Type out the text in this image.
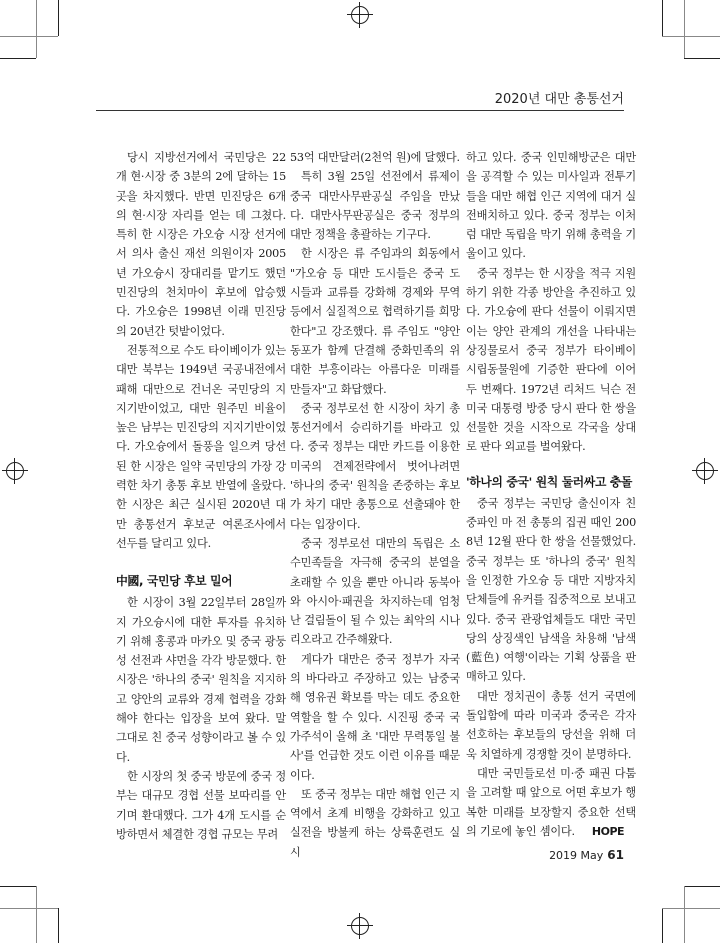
2020년 대만 총통선거

당시 지방선거에서 국민당은 22개 현·시장 중 3분의 2에 달하는 15곳을 차지했다. 반면 민진당은 6개의 현·시장 자리를 얻는 데 그쳤다. 특히 한 시장은 가오슝 시장 선거에서 의사 출신 재선 의원이자 2005년 가오슝시 장대리를 맡기도 했던 민진당의 천치마이 후보에 압승했다. 가오슝은 1998년 이래 민진당의 20년간 텃밭이었다.

전통적으로 수도 타이베이가 있는 대만 북부는 1949년 국공내전에서 패해 대만으로 건너온 국민당의 지지기반이었고, 대만 원주민 비율이 높은 남부는 민진당의 지지기반이었다. 가오슝에서 돌풍을 일으켜 당선된 한 시장은 일약 국민당의 가장 강력한 차기 총통 후보 반열에 올랐다. 한 시장은 최근 실시된 2020년 대만 총통선거 후보군 여론조사에서 선두를 달리고 있다.

中國, 국민당 후보 밀어

한 시장이 3월 22일부터 28일까지 가오슝시에 대한 투자를 유치하기 위해 홍콩과 마카오 및 중국 광둥성 선전과 샤먼을 각각 방문했다. 한 시장은 '하나의 중국' 원칙을 지지하고 양안의 교류와 경제 협력을 강화해야 한다는 입장을 보여 왔다. 말 그대로 친 중국 성향이라고 볼 수 있다.

한 시장의 첫 중국 방문에 중국 정부는 대규모 경협 선물 보따리를 안기며 환대했다. 그가 4개 도시를 순방하면서 체결한 경협 규모는 무려

53억 대만달러(2천억 원)에 달했다.

특히 3월 25일 선전에서 류제이 중국 대만사무판공실 주임을 만났다. 대만사무판공실은 중국 정부의 대만 정책을 총괄하는 기구다.

한 시장은 류 주임과의 회동에서 "가오슝 등 대만 도시들은 중국 도시들과 교류를 강화해 경제와 무역 등에서 실질적으로 협력하기를 희망한다"고 강조했다. 류 주임도 "양안 동포가 함께 단결해 중화민족의 위대한 부흥이라는 아름다운 미래를 만들자"고 화답했다.

중국 정부로선 한 시장이 차기 총통선거에서 승리하기를 바라고 있다. 중국 정부는 대만 카드를 이용한 미국의 견제전략에서 벗어나려면 '하나의 중국' 원칙을 존중하는 후보가 차기 대만 총통으로 선출돼야 한다는 입장이다.

중국 정부로선 대만의 독립은 소수민족들을 자극해 중국의 분열을 초래할 수 있을 뿐만 아니라 동북아와 아시아·패권을 차지하는데 엄청난 걸림돌이 될 수 있는 최악의 시나리오라고 간주해왔다.

게다가 대만은 중국 정부가 자국의 바다라고 주장하고 있는 남중국해 영유권 확보를 막는 데도 중요한 역할을 할 수 있다. 시진핑 중국 국가주석이 올해 초 '대만 무력통일 불사'를 언급한 것도 이런 이유를 때문이다.

또 중국 정부는 대만 해협 인근 지역에서 초계 비행을 강화하고 있고 실전을 방불케 하는 상륙훈련도 실시

하고 있다. 중국 인민해방군은 대만을 공격할 수 있는 미사일과 전투기들을 대만 해협 인근 지역에 대거 실전배치하고 있다. 중국 정부는 이처럼 대만 독립을 막기 위해 총력을 기울이고 있다.

중국 정부는 한 시장을 적극 지원하기 위한 각종 방안을 추진하고 있다. 가오슝에 판다 선물이 이뤄지면 이는 양안 관계의 개선을 나타내는 상징물로서 중국 정부가 타이베이 시립동물원에 기증한 판다에 이어 두 번째다. 1972년 리처드 닉슨 전 미국 대통령 방중 당시 판다 한 쌍을 선물한 것을 시작으로 각국을 상대로 판다 외교를 벌여왔다.

'하나의 중국' 원칙 둘러싸고 충돌

중국 정부는 국민당 출신이자 친중파인 마 전 총통의 집권 때인 2008년 12월 판다 한 쌍을 선물했었다. 중국 정부는 또 '하나의 중국' 원칙을 인정한 가오슝 등 대만 지방자치단체들에 유커를 집중적으로 보내고 있다. 중국 관광업체들도 대만 국민당의 상징색인 남색을 차용해 '남색(藍色) 여행'이라는 기획 상품을 판매하고 있다.

대만 정치권이 총통 선거 국면에 돌입함에 따라 미국과 중국은 각자 선호하는 후보들의 당선을 위해 더욱 치열하게 경쟁할 것이 분명하다.

대만 국민들로선 미·중 패권 다툼을 고려할 때 앞으로 어떤 후보가 행복한 미래를 보장할지 중요한 선택의 기로에 놓인 셈이다. HOPE

2019 May 61
